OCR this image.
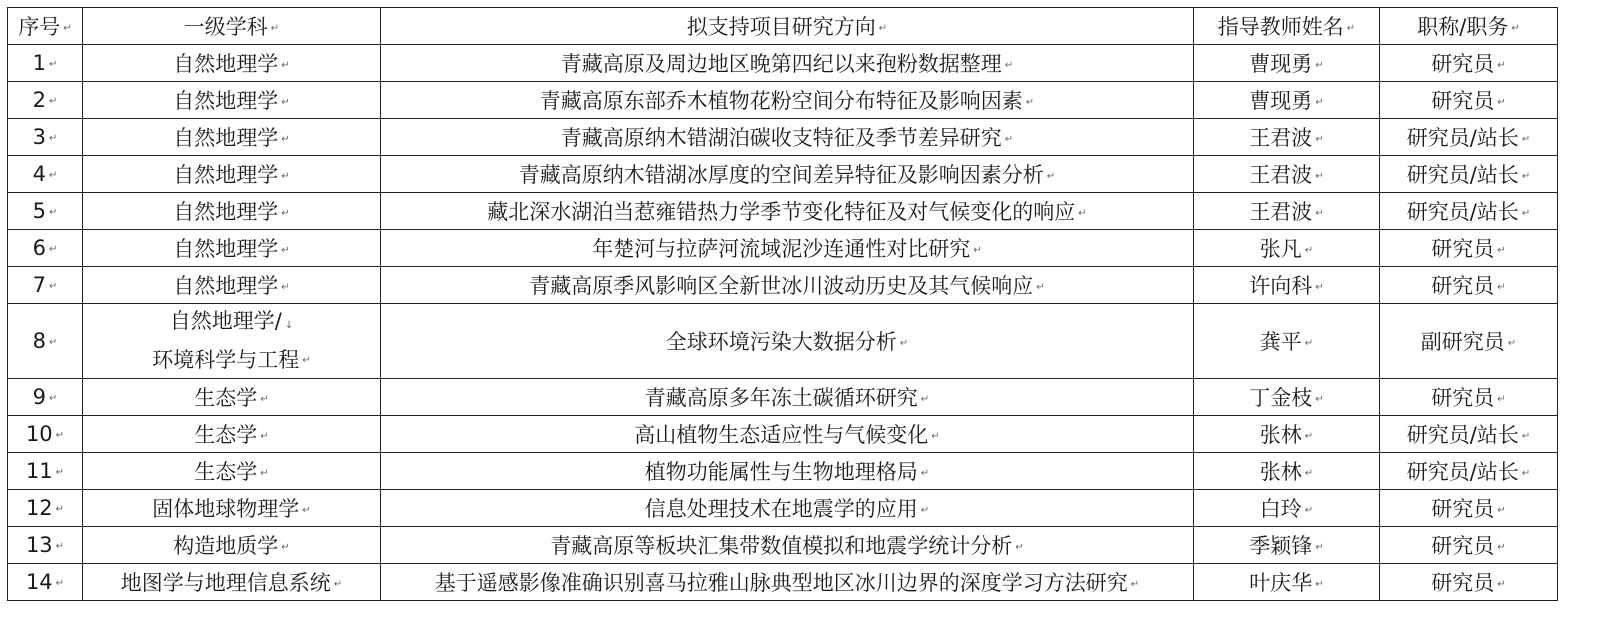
序号 ↵	一级学科 ↵	拟支持项目研究方向 ↵	指导教师姓名 ↵	职称/职务 ↵
1 ↵	自然地理学 ↵	青藏高原及周边地区晚第四纪以来孢粉数据整理 ↵	曹现勇 ↵	研究员 ↵
2 ↵	自然地理学 ↵	青藏高原东部乔木植物花粉空间分布特征及影响因素 ↵	曹现勇 ↵	研究员 ↵
3 ↵	自然地理学 ↵	青藏高原纳木错湖泊碳收支特征及季节差异研究 ↵	王君波 ↵	研究员/站长 ↵
4 ↵	自然地理学 ↵	青藏高原纳木错湖冰厚度的空间差异特征及影响因素分析 ↵	王君波 ↵	研究员/站长 ↵
5 ↵	自然地理学 ↵	藏北深水湖泊当惹雍错热力学季节变化特征及对气候变化的响应 ↵	王君波 ↵	研究员/站长 ↵
6 ↵	自然地理学 ↵	年楚河与拉萨河流域泥沙连通性对比研究 ↵	张凡 ↵	研究员 ↵
7 ↵	自然地理学 ↵	青藏高原季风影响区全新世冰川波动历史及其气候响应 ↵	许向科 ↵	研究员 ↵
8 ↵	自然地理学/ ↓
环境科学与工程 ↵	全球环境污染大数据分析 ↵	龚平 ↵	副研究员 ↵
9 ↵	生态学 ↵	青藏高原多年冻土碳循环研究 ↵	丁金枝 ↵	研究员 ↵
10 ↵	生态学 ↵	高山植物生态适应性与气候变化 ↵	张林 ↵	研究员/站长 ↵
11 ↵	生态学 ↵	植物功能属性与生物地理格局 ↵	张林 ↵	研究员/站长 ↵
12 ↵	固体地球物理学 ↵	信息处理技术在地震学的应用 ↵	白玲 ↵	研究员 ↵
13 ↵	构造地质学 ↵	青藏高原等板块汇集带数值模拟和地震学统计分析 ↵	季颖锋 ↵	研究员 ↵
14 ↵	地图学与地理信息系统 ↵	基于遥感影像准确识别喜马拉雅山脉典型地区冰川边界的深度学习方法研究 ↵	叶庆华 ↵	研究员 ↵
